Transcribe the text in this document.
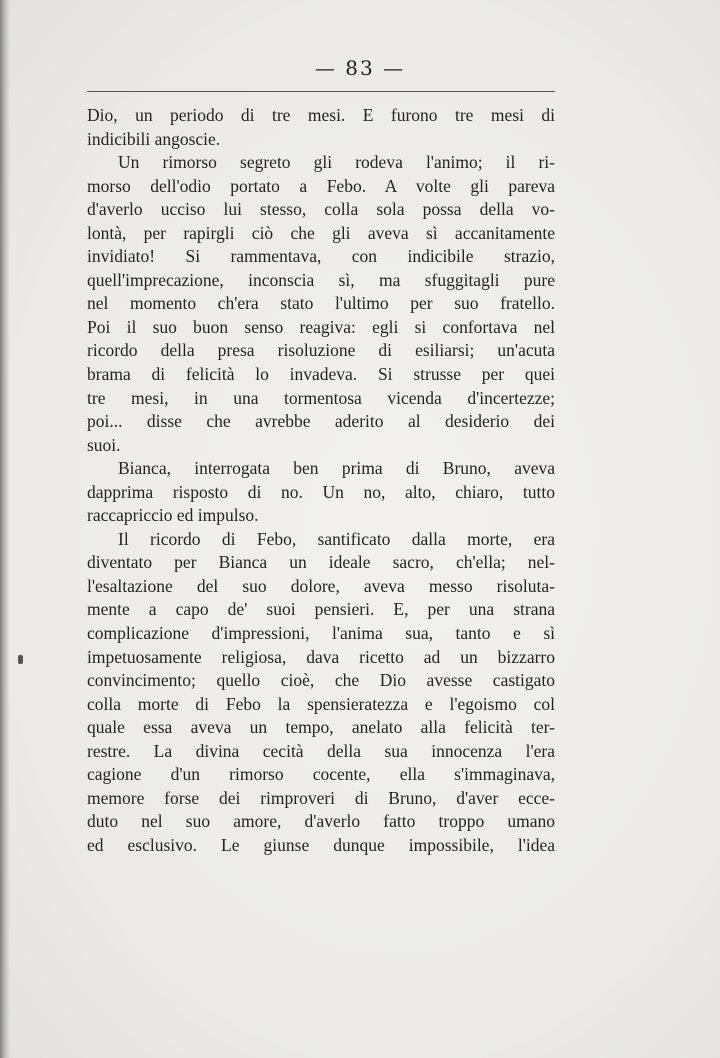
— 83 —
Dio, un periodo di tre mesi. E furono tre mesi di
indicibili angoscie.
Un rimorso segreto gli rodeva l'animo; il ri-
morso dell'odio portato a Febo. A volte gli pareva
d'averlo ucciso lui stesso, colla sola possa della vo-
lontà, per rapirgli ciò che gli aveva sì accanitamente
invidiato! Si rammentava, con indicibile strazio,
quell'imprecazione, inconscia sì, ma sfuggitagli pure
nel momento ch'era stato l'ultimo per suo fratello.
Poi il suo buon senso reagiva: egli si confortava nel
ricordo della presa risoluzione di esiliarsi; un'acuta
brama di felicità lo invadeva. Si strusse per quei
tre mesi, in una tormentosa vicenda d'incertezze;
poi... disse che avrebbe aderito al desiderio dei
suoi.
Bianca, interrogata ben prima di Bruno, aveva
dapprima risposto di no. Un no, alto, chiaro, tutto
raccapriccio ed impulso.
Il ricordo di Febo, santificato dalla morte, era
diventato per Bianca un ideale sacro, ch'ella; nel-
l'esaltazione del suo dolore, aveva messo risoluta-
mente a capo de' suoi pensieri. E, per una strana
complicazione d'impressioni, l'anima sua, tanto e sì
impetuosamente religiosa, dava ricetto ad un bizzarro
convincimento; quello cioè, che Dio avesse castigato
colla morte di Febo la spensieratezza e l'egoismo col
quale essa aveva un tempo, anelato alla felicità ter-
restre. La divina cecità della sua innocenza l'era
cagione d'un rimorso cocente, ella s'immaginava,
memore forse dei rimproveri di Bruno, d'aver ecce-
duto nel suo amore, d'averlo fatto troppo umano
ed esclusivo. Le giunse dunque impossibile, l'idea
